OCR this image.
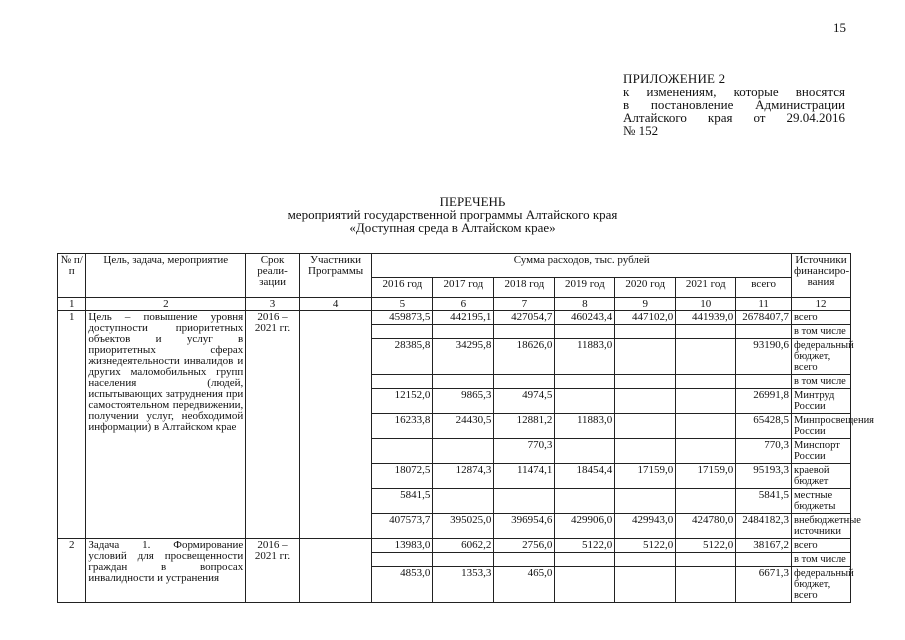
15
ПРИЛОЖЕНИЕ 2
к изменениям, которые вносятся
в постановление Администрации
Алтайского края от 29.04.2016
№ 152
ПЕРЕЧЕНЬ
мероприятий государственной программы Алтайского края
«Доступная среда в Алтайском крае»
№ п/п	Цель, задача, мероприятие	Срок реали-зации	Участники Программы	Сумма расходов, тыс. рублей							Источники финансиро-вания
				2016 год	2017 год	2018 год	2019 год	2020 год	2021 год	всего	
1	2	3	4	5	6	7	8	9	10	11	12
1	Цель – повышение уровня доступности приоритетных объектов и услуг в приоритетных сферах жизнедеятельности инвалидов и других маломобильных групп населения (людей, испытывающих затруднения при самостоятельном передвижении, получении услуг, необходимой информации) в Алтайском крае	2016 – 2021 гг.		459873,5	442195,1	427054,7	460243,4	447102,0	441939,0	2678407,7	всего
											в том числе
				28385,8	34295,8	18626,0	11883,0			93190,6	федеральный бюджет, всего
											в том числе
				12152,0	9865,3	4974,5				26991,8	Минтруд России
				16233,8	24430,5	12881,2	11883,0			65428,5	Минпросвещения России
						770,3				770,3	Минспорт России
				18072,5	12874,3	11474,1	18454,4	17159,0	17159,0	95193,3	краевой бюджет
				5841,5						5841,5	местные бюджеты
				407573,7	395025,0	396954,6	429906,0	429943,0	424780,0	2484182,3	внебюджетные источники
2	Задача 1. Формирование условий для просвещенности граждан в вопросах инвалидности и устранения	2016 – 2021 гг.		13983,0	6062,2	2756,0	5122,0	5122,0	5122,0	38167,2	всего
											в том числе
				4853,0	1353,3	465,0				6671,3	федеральный бюджет, всего
